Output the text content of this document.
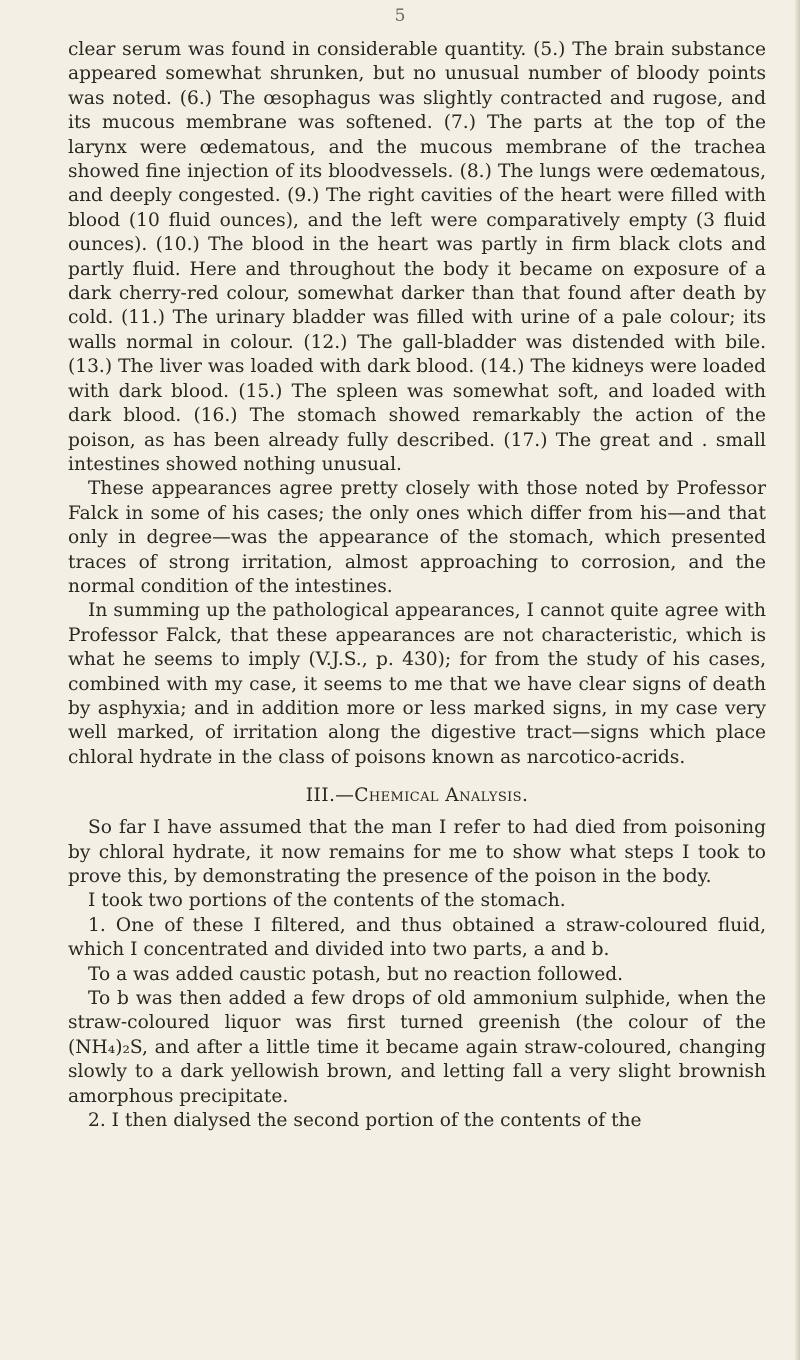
5

clear serum was found in considerable quantity. (5.) The brain substance appeared somewhat shrunken, but no unusual number of bloody points was noted. (6.) The œsophagus was slightly contracted and rugose, and its mucous membrane was softened. (7.) The parts at the top of the larynx were œdematous, and the mucous membrane of the trachea showed fine injection of its bloodvessels. (8.) The lungs were œdematous, and deeply congested. (9.) The right cavities of the heart were filled with blood (10 fluid ounces), and the left were comparatively empty (3 fluid ounces). (10.) The blood in the heart was partly in firm black clots and partly fluid. Here and throughout the body it became on exposure of a dark cherry-red colour, somewhat darker than that found after death by cold. (11.) The urinary bladder was filled with urine of a pale colour; its walls normal in colour. (12.) The gall-bladder was distended with bile. (13.) The liver was loaded with dark blood. (14.) The kidneys were loaded with dark blood. (15.) The spleen was somewhat soft, and loaded with dark blood. (16.) The stomach showed remarkably the action of the poison, as has been already fully described. (17.) The great and . small intestines showed nothing unusual.

These appearances agree pretty closely with those noted by Professor Falck in some of his cases; the only ones which differ from his—and that only in degree—was the appearance of the stomach, which presented traces of strong irritation, almost approaching to corrosion, and the normal condition of the intestines.

In summing up the pathological appearances, I cannot quite agree with Professor Falck, that these appearances are not characteristic, which is what he seems to imply (V.J.S., p. 430); for from the study of his cases, combined with my case, it seems to me that we have clear signs of death by asphyxia; and in addition more or less marked signs, in my case very well marked, of irritation along the digestive tract—signs which place chloral hydrate in the class of poisons known as narcotico-acrids.

III.—Chemical Analysis.

So far I have assumed that the man I refer to had died from poisoning by chloral hydrate, it now remains for me to show what steps I took to prove this, by demonstrating the presence of the poison in the body.

I took two portions of the contents of the stomach.

1. One of these I filtered, and thus obtained a straw-coloured fluid, which I concentrated and divided into two parts, a and b.

To a was added caustic potash, but no reaction followed.

To b was then added a few drops of old ammonium sulphide, when the straw-coloured liquor was first turned greenish (the colour of the (NH₄)₂S, and after a little time it became again straw-coloured, changing slowly to a dark yellowish brown, and letting fall a very slight brownish amorphous precipitate.

2. I then dialysed the second portion of the contents of the
